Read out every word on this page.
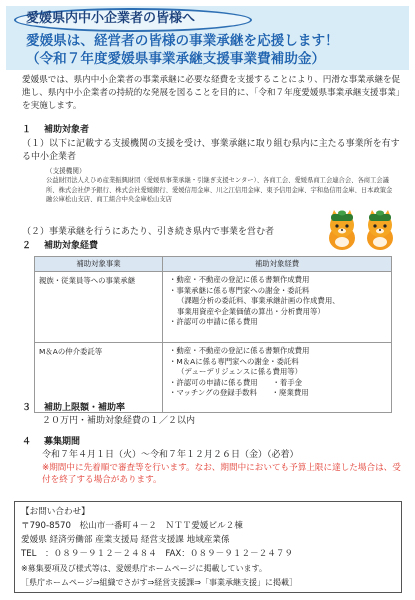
愛媛県内中小企業者の皆様へ
愛媛県は、経営者の皆様の事業承継を応援します！
（令和７年度愛媛県事業承継支援事業費補助金）
愛媛県では、県内中小企業者の事業承継に必要な経費を支援することにより、円滑な事業承継を促進し、県内中小企業者の持続的な発展を図ることを目的に、「令和７年度愛媛県事業承継支援事業」を実施します。
１ 補助対象者
（１）以下に記載する支援機関の支援を受け、事業承継に取り組む県内に主たる事業所を有する中小企業者
（支援機関）
公益財団法人えひめ産業振興財団（愛媛県事業承継・引継ぎ支援センター）、各商工会、愛媛県商工会連合会、各商工会議所、株式会社伊予銀行、株式会社愛媛銀行、愛媛信用金庫、川之江信用金庫、東予信用金庫、宇和島信用金庫、日本政策金融公庫松山支店、商工組合中央金庫松山支店
（２）事業承継を行うにあたり、引き続き県内で事業を営む者
２ 補助対象経費
補助対象事業	補助対象経費
親族・従業員等への事業承継	・動産・不動産の登記に係る書類作成費用
・事業承継に係る専門家への謝金・委託料
（課題分析の委託料、事業承継計画の作成費用、
事業用資産や企業価値の算出・分析費用等）
・許認可の申請に係る費用

M＆Aの仲介委託等	・動産・不動産の登記に係る書類作成費用
・M＆Aに係る専門家への謝金・委託料
（デューデリジェンスに係る費用等）
・許認可の申請に係る費用　　・着手金
・マッチングの登録手数料　　・廃業費用
３ 補助上限額・補助率
２０万円・補助対象経費の１／２以内
４ 募集期間
令和７年４月１日（火）～令和７年１２月２６日（金）（必着）
※期間中に先着順で審査等を行います。なお、期間中においても予算上限に達した場合は、受付を終了する場合があります。
【お問い合わせ】
〒790-8570　松山市一番町４－２　ＮＴＴ愛媛ビル２棟
愛媛県 経済労働部 産業支援局 経営支援課 地域産業係
TEL　：０８９－９１２－２４８４　FAX：０８９－９１２－２４７９
※募集要項及び様式等は、愛媛県庁ホームページに掲載しています。
［県庁ホームページ⇒組織でさがす⇒経営支援課⇒「事業承継支援」に掲載］
